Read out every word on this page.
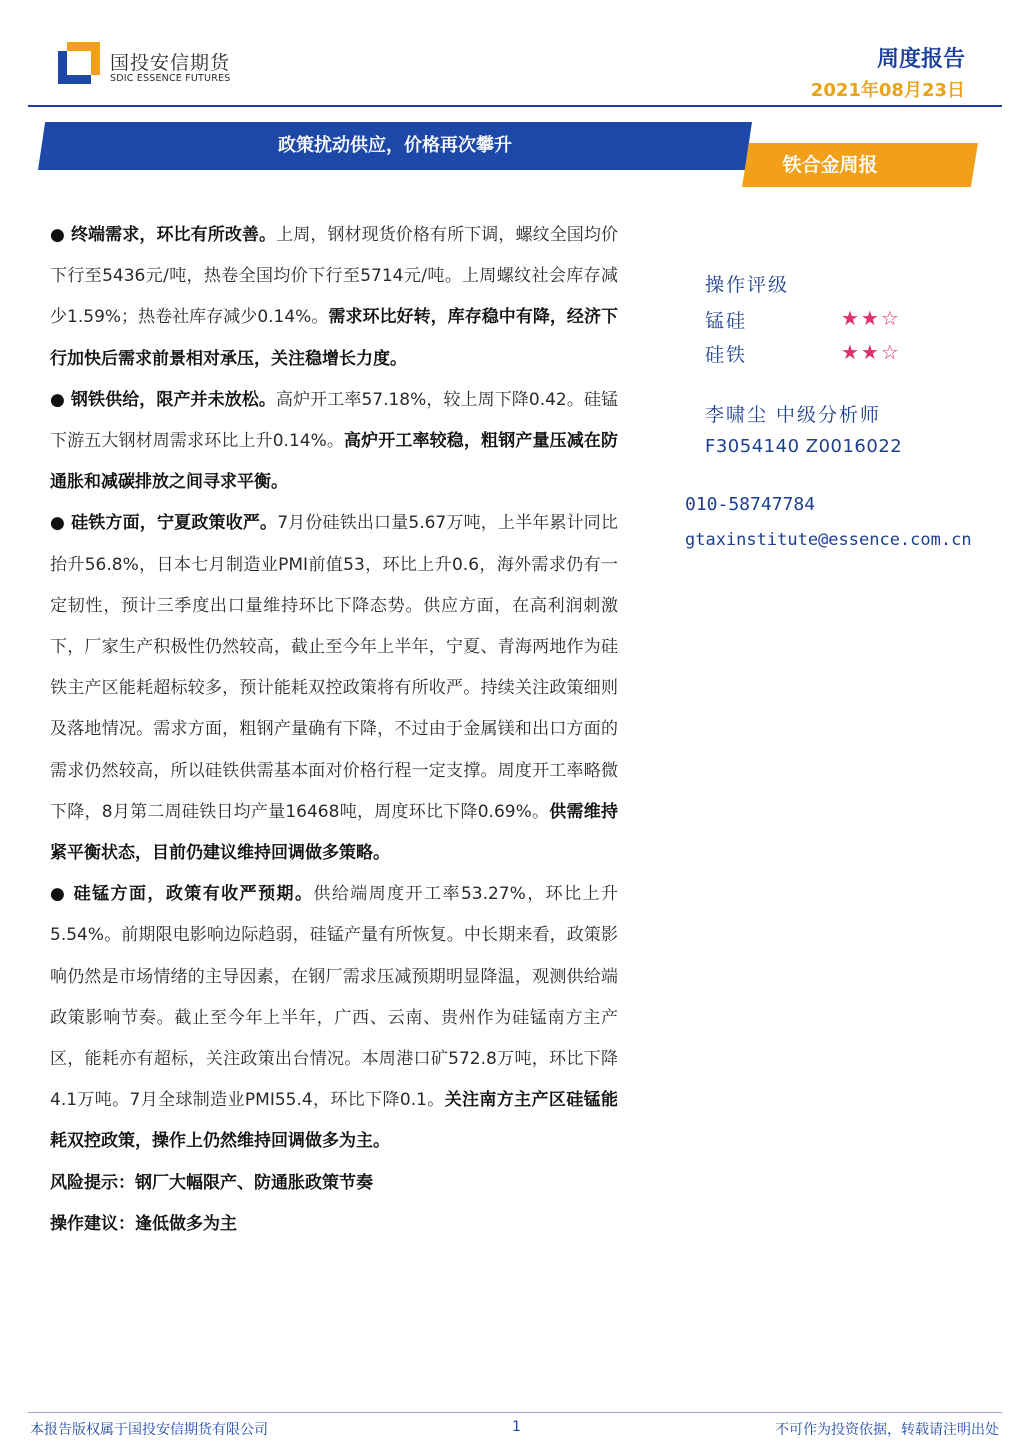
国投安信期货
SDIC ESSENCE FUTURES
周度报告
2021年08月23日
政策扰动供应，价格再次攀升
铁合金周报

● 终端需求，环比有所改善。上周，钢材现货价格有所下调，螺纹全国均价下行至5436元/吨，热卷全国均价下行至5714元/吨。上周螺纹社会库存减少1.59%；热卷社库存减少0.14%。需求环比好转，库存稳中有降，经济下行加快后需求前景相对承压，关注稳增长力度。

● 钢铁供给，限产并未放松。高炉开工率57.18%，较上周下降0.42。硅锰下游五大钢材周需求环比上升0.14%。高炉开工率较稳，粗钢产量压减在防通胀和减碳排放之间寻求平衡。

● 硅铁方面，宁夏政策收严。7月份硅铁出口量5.67万吨，上半年累计同比抬升56.8%，日本七月制造业PMI前值53，环比上升0.6，海外需求仍有一定韧性，预计三季度出口量维持环比下降态势。供应方面，在高利润刺激下，厂家生产积极性仍然较高，截止至今年上半年，宁夏、青海两地作为硅铁主产区能耗超标较多，预计能耗双控政策将有所收严。持续关注政策细则及落地情况。需求方面，粗钢产量确有下降，不过由于金属镁和出口方面的需求仍然较高，所以硅铁供需基本面对价格行程一定支撑。周度开工率略微下降，8月第二周硅铁日均产量16468吨，周度环比下降0.69%。供需维持紧平衡状态，目前仍建议维持回调做多策略。

● 硅锰方面，政策有收严预期。供给端周度开工率53.27%，环比上升5.54%。前期限电影响边际趋弱，硅锰产量有所恢复。中长期来看，政策影响仍然是市场情绪的主导因素，在钢厂需求压减预期明显降温，观测供给端政策影响节奏。截止至今年上半年，广西、云南、贵州作为硅锰南方主产区，能耗亦有超标，关注政策出台情况。本周港口矿572.8万吨，环比下降4.1万吨。7月全球制造业PMI55.4，环比下降0.1。关注南方主产区硅锰能耗双控政策，操作上仍然维持回调做多为主。

风险提示：钢厂大幅限产、防通胀政策节奏

操作建议：逢低做多为主

操作评级
锰硅	★★☆
硅铁	★★☆
李啸尘 中级分析师
F3054140 Z0016022
010-58747784
gtaxinstitute@essence.com.cn
本报告版权属于国投安信期货有限公司	1	不可作为投资依据，转载请注明出处
